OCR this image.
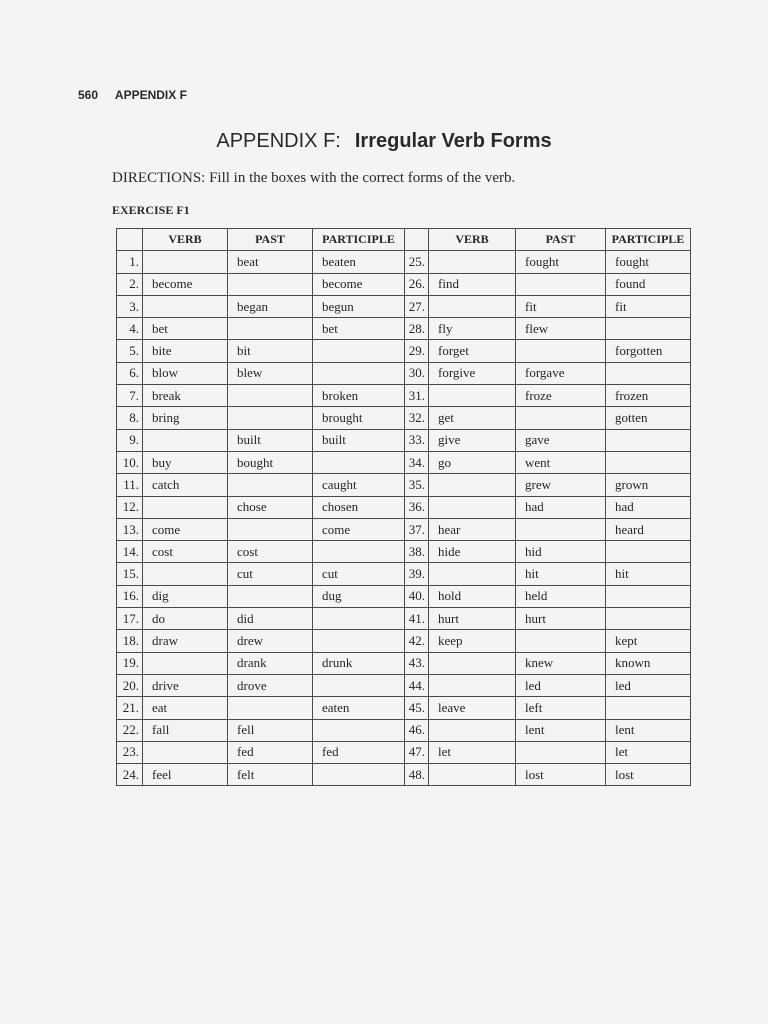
560 APPENDIX F
APPENDIX F: Irregular Verb Forms
DIRECTIONS: Fill in the boxes with the correct forms of the verb.
EXERCISE F1
	VERB	PAST	PARTICIPLE		VERB	PAST	PARTICIPLE
1.		beat	beaten	25.		fought	fought
2.	become		become	26.	find		found
3.		began	begun	27.		fit	fit
4.	bet		bet	28.	fly	flew	
5.	bite	bit		29.	forget		forgotten
6.	blow	blew		30.	forgive	forgave	
7.	break		broken	31.		froze	frozen
8.	bring		brought	32.	get		gotten
9.		built	built	33.	give	gave	
10.	buy	bought		34.	go	went	
11.	catch		caught	35.		grew	grown
12.		chose	chosen	36.		had	had
13.	come		come	37.	hear		heard
14.	cost	cost		38.	hide	hid	
15.		cut	cut	39.		hit	hit
16.	dig		dug	40.	hold	held	
17.	do	did		41.	hurt	hurt	
18.	draw	drew		42.	keep		kept
19.		drank	drunk	43.		knew	known
20.	drive	drove		44.		led	led
21.	eat		eaten	45.	leave	left	
22.	fall	fell		46.		lent	lent
23.		fed	fed	47.	let		let
24.	feel	felt		48.		lost	lost
